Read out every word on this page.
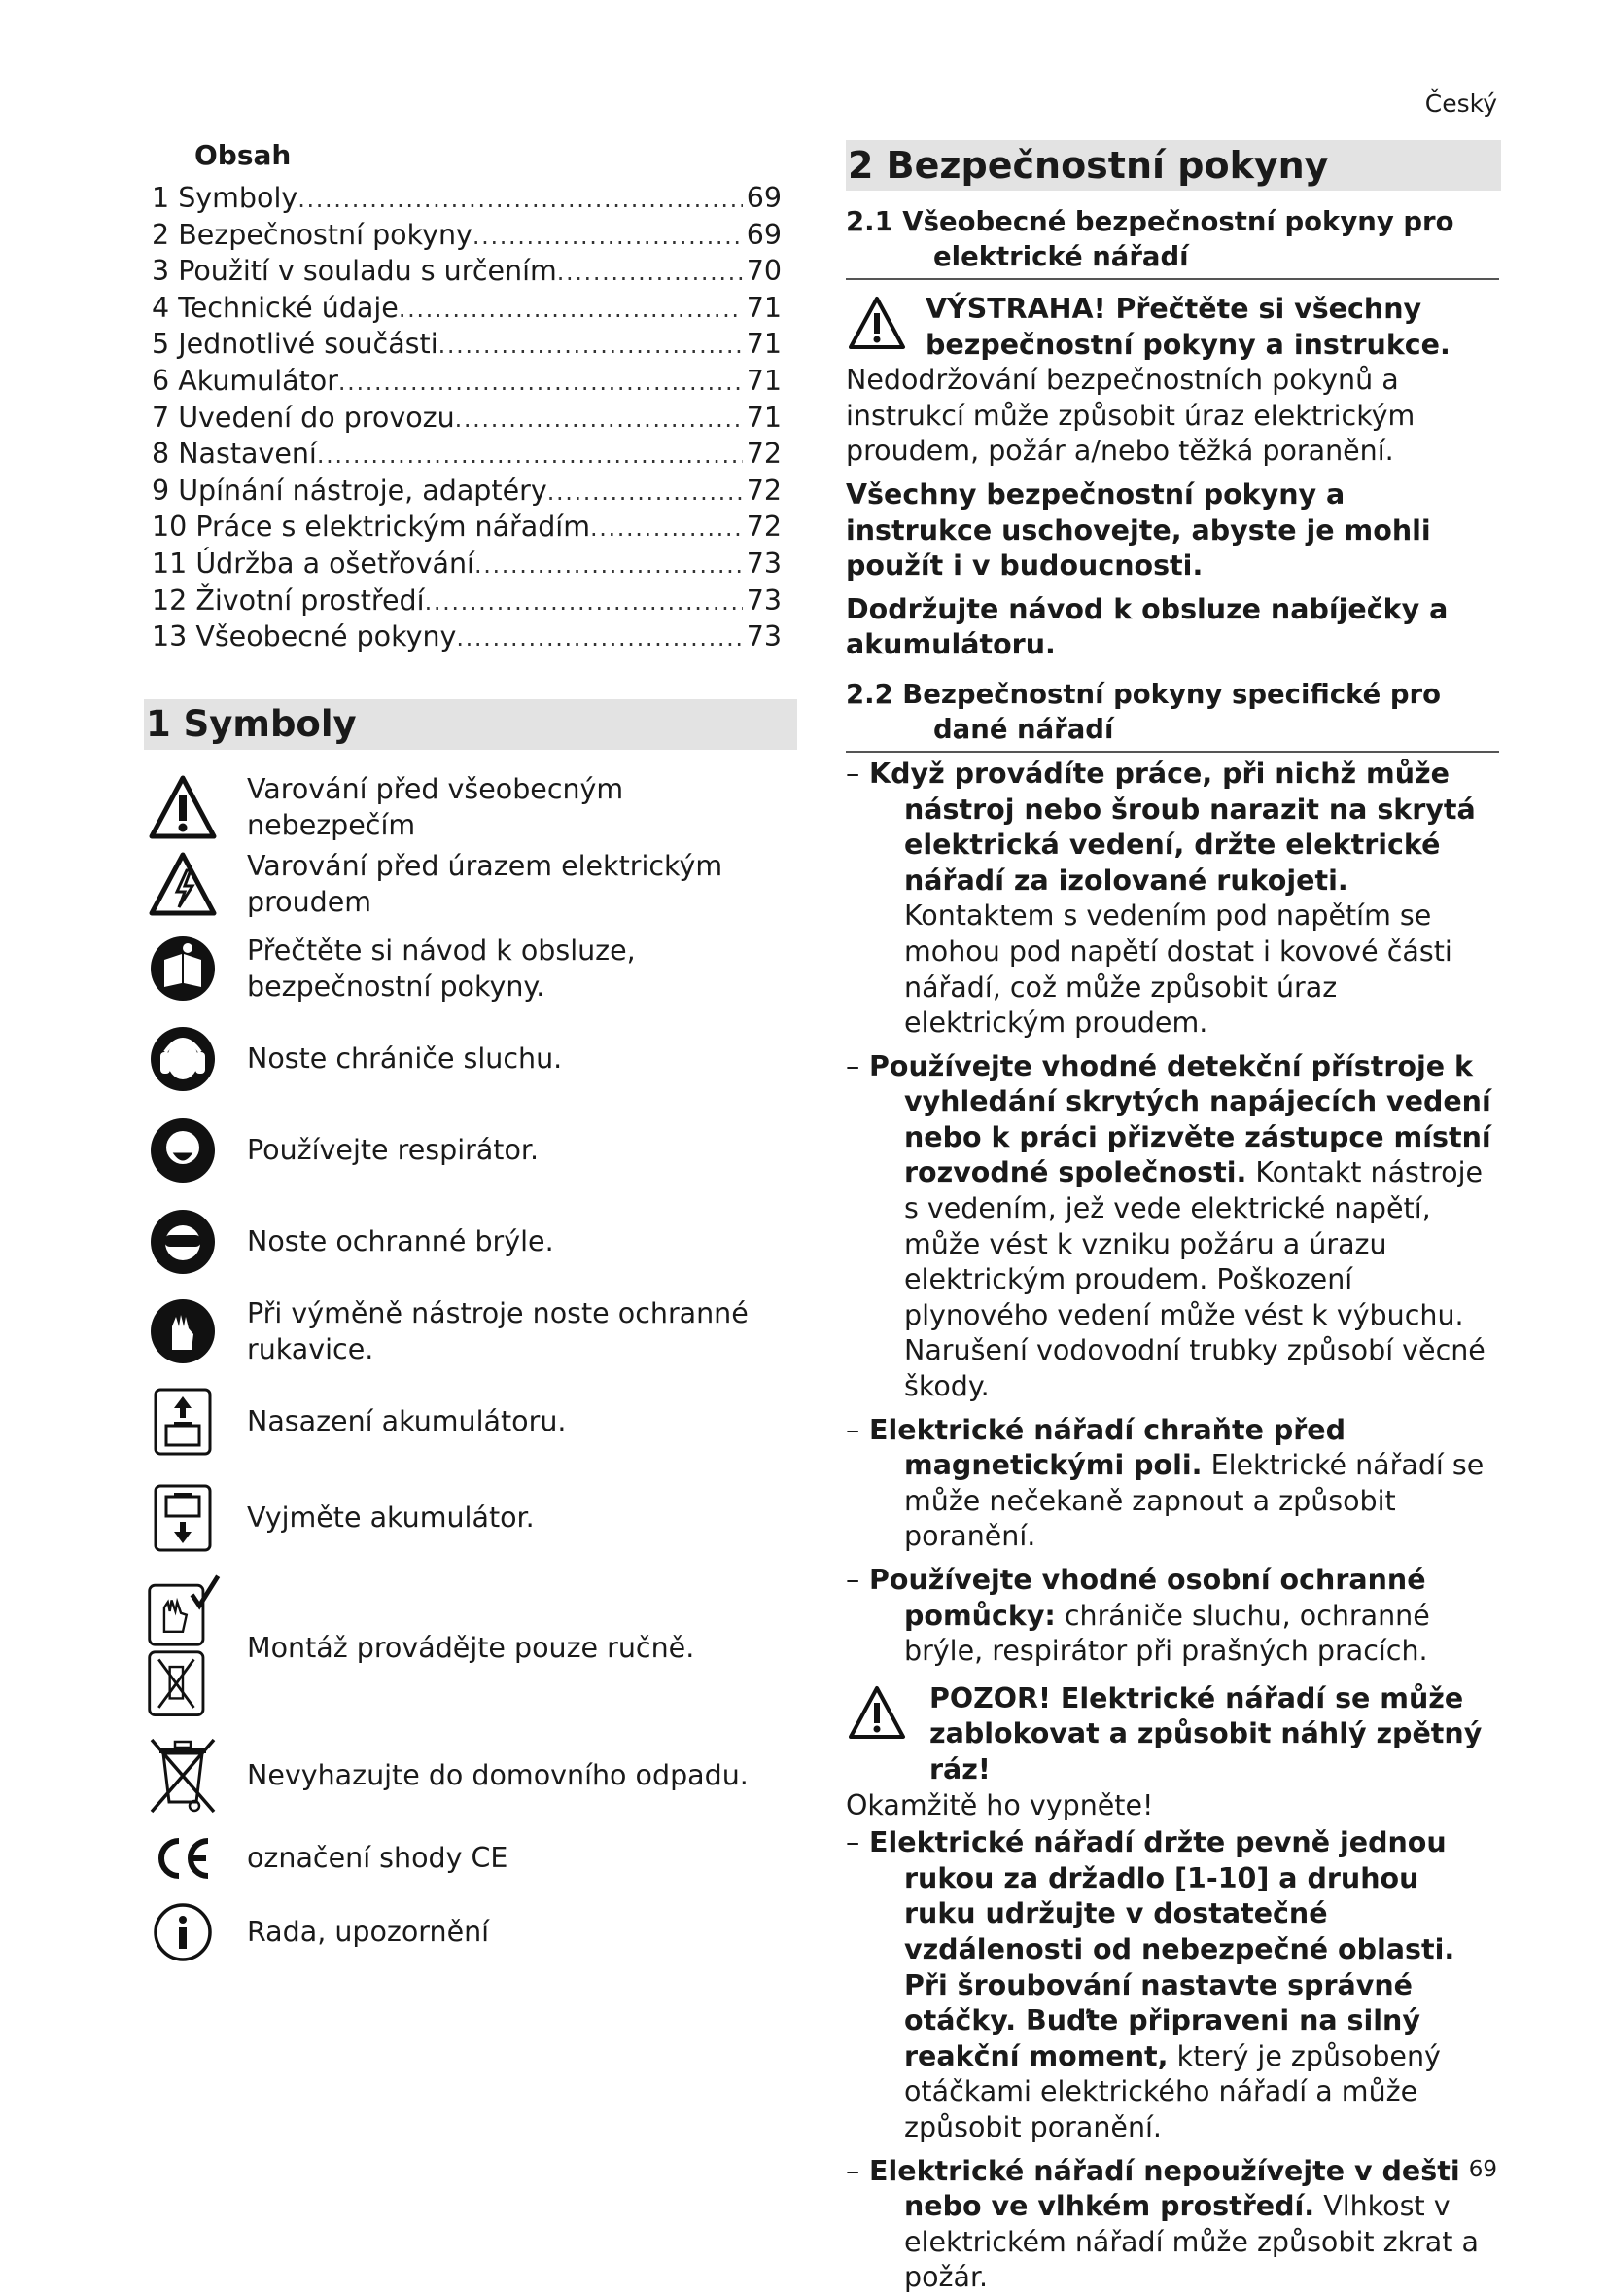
Český
Obsah
1 Symboly . . .	69
2 Bezpečnostní pokyny . . .	69
3 Použití v souladu s určením . . .	70
4 Technické údaje . . .	71
5 Jednotlivé součásti . . .	71
6 Akumulátor . . .	71
7 Uvedení do provozu . . .	71
8 Nastavení . . .	72
9 Upínání nástroje, adaptéry . . .	72
10 Práce s elektrickým nářadím . . .	72
11 Údržba a ošetřování . . .	73
12 Životní prostředí . . .	73
13 Všeobecné pokyny . . .	73
1 Symboly
Varování před všeobecným nebezpečím
Varování před úrazem elektrickým proudem
Přečtěte si návod k obsluze, bezpečnostní pokyny.
Noste chrániče sluchu.
Používejte respirátor.
Noste ochranné brýle.
Při výměně nástroje noste ochranné rukavice.
Nasazení akumulátoru.
Vyjměte akumulátor.
Montáž provádějte pouze ručně.
Nevyhazujte do domovního odpadu.
označení shody CE
Rada, upozornění
2 Bezpečnostní pokyny
2.1 Všeobecné bezpečnostní pokyny pro
elektrické nářadí
VÝSTRAHA! Přečtěte si všechny bezpečnostní pokyny a instrukce.
Nedodržování bezpečnostních pokynů a instrukcí může způsobit úraz elektrickým proudem, požár a/nebo těžká poranění.

Všechny bezpečnostní pokyny a instrukce uschovejte, abyste je mohli použít i v budoucnosti.

Dodržujte návod k obsluze nabíječky a akumulátoru.

2.2 Bezpečnostní pokyny specifické pro
dané nářadí

– Když provádíte práce, při nichž může nástroj nebo šroub narazit na skrytá elektrická vedení, držte elektrické nářadí za izolované rukojeti. Kontaktem s vedením pod napětím se mohou pod napětí dostat i kovové části nářadí, což může způsobit úraz elektrickým proudem.

– Používejte vhodné detekční přístroje k vyhledání skrytých napájecích vedení nebo k práci přizvěte zástupce místní rozvodné společnosti. Kontakt nástroje s vedením, jež vede elektrické napětí, může vést k vzniku požáru a úrazu elektrickým proudem. Poškození plynového vedení může vést k výbuchu. Narušení vodovodní trubky způsobí věcné škody.

– Elektrické nářadí chraňte před magnetickými poli. Elektrické nářadí se může nečekaně zapnout a způsobit poranění.

– Používejte vhodné osobní ochranné pomůcky: chrániče sluchu, ochranné brýle, respirátor při prašných pracích.

POZOR! Elektrické nářadí se může zablokovat a způsobit náhlý zpětný ráz!
Okamžitě ho vypněte!

– Elektrické nářadí držte pevně jednou rukou za držadlo [1-10] a druhou ruku udržujte v dostatečné vzdálenosti od nebezpečné oblasti. Při šroubování nastavte správné otáčky. Buďte připraveni na silný reakční moment, který je způsobený otáčkami elektrického nářadí a může způsobit poranění.

– Elektrické nářadí nepoužívejte v dešti nebo ve vlhkém prostředí. Vlhkost v elektrickém nářadí může způsobit zkrat a požár.

69
